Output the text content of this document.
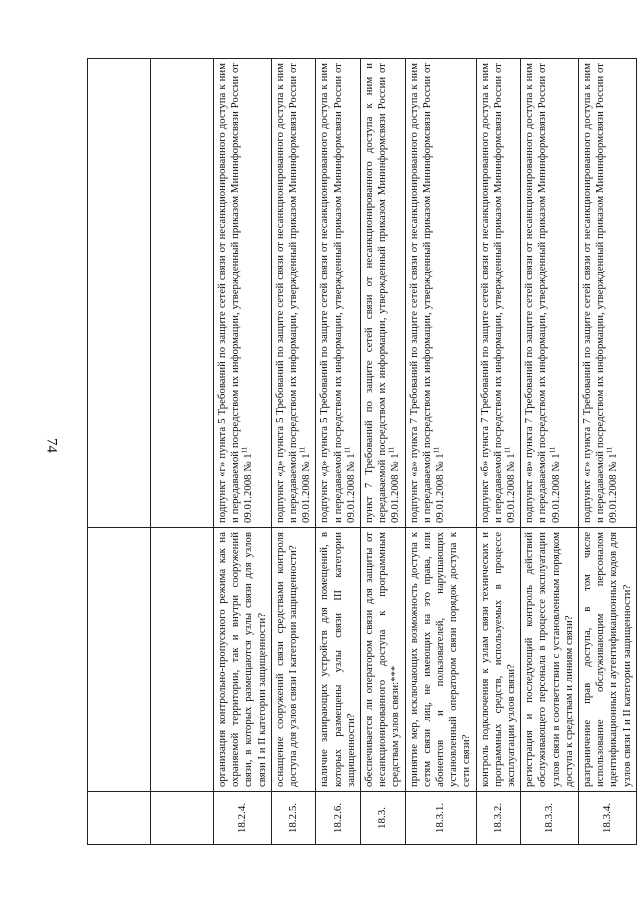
74

18.2.4.	организация контрольно-пропускного режима как на охраняемой территории, так и внутри сооружений связи, в которых размещаются узлы связи для узлов связи I и II категории защищенности?	подпункт «г» пункта 5 Требований по защите сетей связи от несанкционированного доступа к ним и передаваемой посредством их информации, утвержденный приказом Мининформсвязи России от 09.01.2008 № $1^{11}$
18.2.5.	оснащение сооружений связи средствами контроля доступа для узлов связи I категории защищенности?	подпункт «д» пункта 5 Требований по защите сетей связи от несанкционированного доступа к ним и передаваемой посредством их информации, утвержденный приказом Мининформсвязи России от 09.01.2008 № $1^{11}$
18.2.6.	наличие запирающих устройств для помещений, в которых размещены узлы связи III категории защищенности?	подпункт «д» пункта 5 Требований по защите сетей связи от несанкционированного доступа к ним и передаваемой посредством их информации, утвержденный приказом Мининформсвязи России от 09.01.2008 № $1^{11}$
18.3.	обеспечивается ли оператором связи для защиты от несанкционированного доступа к программным средствам узлов связи:***	пункт 7 Требований по защите сетей связи от несанкционированного доступа к ним и передаваемой посредством их информации, утвержденный приказом Мининформсвязи России от 09.01.2008 № $1^{11}$
18.3.1.	принятие мер, исключающих возможность доступа к сетям связи лиц, не имеющих на это права, или абонентов и пользователей, нарушающих установленный оператором связи порядок доступа к сети связи?	подпункт «а» пункта 7 Требований по защите сетей связи от несанкционированного доступа к ним и передаваемой посредством их информации, утвержденный приказом Мининформсвязи России от 09.01.2008 № $1^{11}$
18.3.2.	контроль подключения к узлам связи технических и программных средств, используемых в процессе эксплуатации узлов связи?	подпункт «б» пункта 7 Требований по защите сетей связи от несанкционированного доступа к ним и передаваемой посредством их информации, утвержденный приказом Мининформсвязи России от 09.01.2008 № $1^{11}$
18.3.3.	регистрация и последующий контроль действий обслуживающего персонала в процессе эксплуатации узлов связи в соответствии с установленным порядком доступа к средствам и линиям связи?	подпункт «в» пункта 7 Требований по защите сетей связи от несанкционированного доступа к ним и передаваемой посредством их информации, утвержденный приказом Мининформсвязи России от 09.01.2008 № $1^{11}$
18.3.4.	разграничение прав доступа, в том числе использование обслуживающим персоналом идентификационных и аутентификационных кодов для узлов связи I и II категории защищенности?	подпункт «г» пункта 7 Требований по защите сетей связи от несанкционированного доступа к ним и передаваемой посредством их информации, утвержденный приказом Мининформсвязи России от 09.01.2008 № $1^{11}$
